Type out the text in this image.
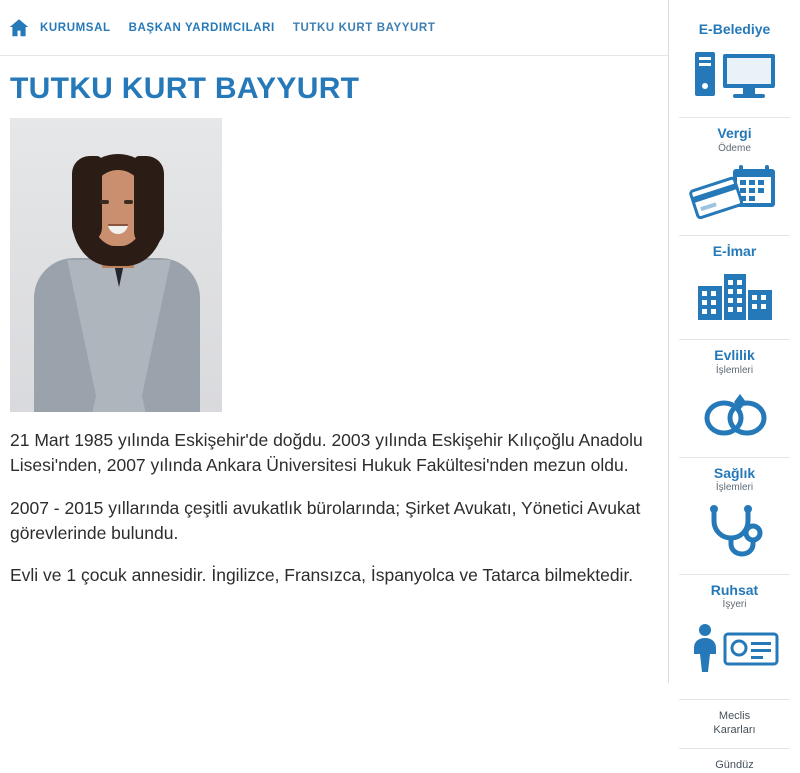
KURUMSAL BAŞKAN YARDIMCILARI TUTKU KURT BAYYURT
TUTKU KURT BAYYURT

21 Mart 1985 yılında Eskişehir'de doğdu. 2003 yılında Eskişehir Kılıçoğlu Anadolu Lisesi'nden, 2007 yılında Ankara Üniversitesi Hukuk Fakültesi'nden mezun oldu.

2007 - 2015 yıllarında çeşitli avukatlık bürolarında; Şirket Avukatı, Yönetici Avukat görevlerinde bulundu.

Evli ve 1 çocuk annesidir. İngilizce, Fransızca, İspanyolca ve Tatarca bilmektedir.

E-Belediye
Vergi
Ödeme
E-İmar
Evlilik
İşlemleri
Sağlık
İşlemleri
Ruhsat
İşyeri
Meclis
Kararları
Gündüz
